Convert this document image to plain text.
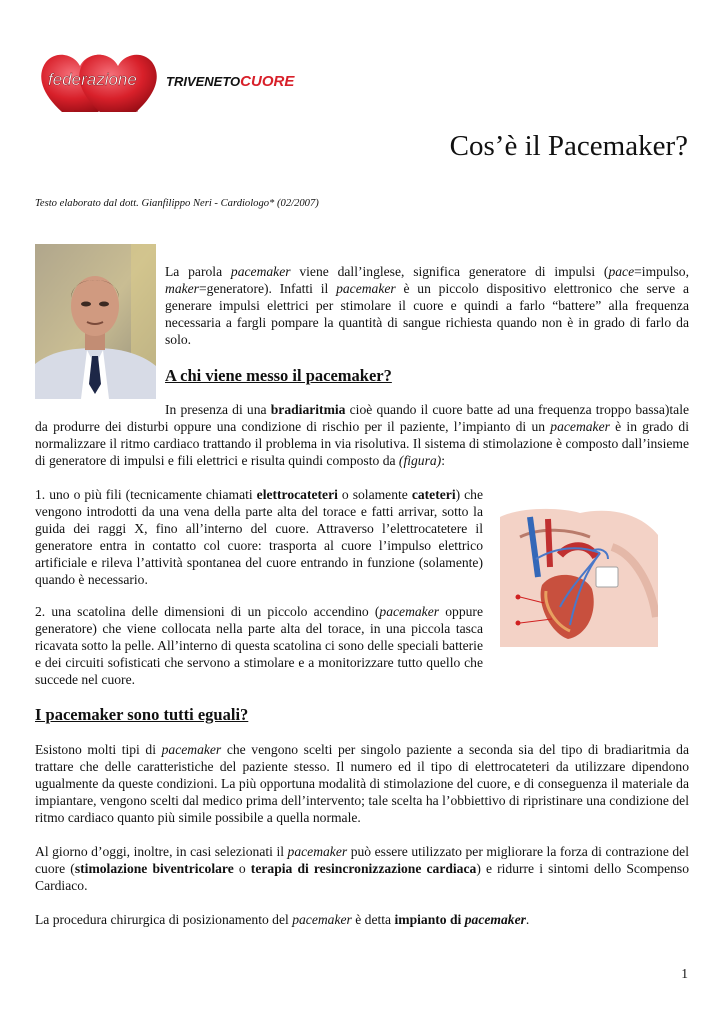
federazione TRIVENETOCUORE
Cos’è il Pacemaker?
Testo elaborato dal dott. Gianfilippo Neri - Cardiologo* (02/2007)

La parola pacemaker viene dall’inglese, significa generatore di impulsi (pace=impulso, maker=generatore). Infatti il pacemaker è un piccolo dispositivo elettronico che serve a generare impulsi elettrici per stimolare il cuore e quindi a farlo “battere” alla frequenza necessaria a fargli pompare la quantità di sangue richiesta quando non è in grado di farlo da solo.

A chi viene messo il pacemaker?

In presenza di una bradiaritmia cioè quando il cuore batte ad una frequenza troppo bassa)tale da produrre dei disturbi oppure una condizione di rischio per il paziente, l’impianto di un pacemaker è in grado di normalizzare il ritmo cardiaco trattando il problema in via risolutiva. Il sistema di stimolazione è composto dall’insieme di generatore di impulsi e fili elettrici e risulta quindi composto da (figura):

1. uno o più fili (tecnicamente chiamati elettrocateteri o solamente cateteri) che vengono introdotti da una vena della parte alta del torace e fatti arrivar, sotto la guida dei raggi X, fino all’interno del cuore. Attraverso l’elettrocatetere il generatore entra in contatto col cuore: trasporta al cuore l’impulso elettrico artificiale e rileva l’attività spontanea del cuore entrando in funzione (solamente) quando è necessario.

2. una scatolina delle dimensioni di un piccolo accendino (pacemaker oppure generatore) che viene collocata nella parte alta del torace, in una piccola tasca ricavata sotto la pelle. All’interno di questa scatolina ci sono delle speciali batterie e dei circuiti sofisticati che servono a stimolare e a monitorizzare tutto quello che succede nel cuore.

I pacemaker sono tutti eguali?

Esistono molti tipi di pacemaker che vengono scelti per singolo paziente a seconda sia del tipo di bradiaritmia da trattare che delle caratteristiche del paziente stesso. Il numero ed il tipo di elettrocateteri da utilizzare dipendono ugualmente da queste condizioni. La più opportuna modalità di stimolazione del cuore, e di conseguenza il materiale da impiantare, vengono scelti dal medico prima dell’intervento; tale scelta ha l’obbiettivo di ripristinare una condizione del ritmo cardiaco quanto più simile possibile a quella normale.

Al giorno d’oggi, inoltre, in casi selezionati il pacemaker può essere utilizzato per migliorare la forza di contrazione del cuore (stimolazione biventricolare o terapia di resincronizzazione cardiaca) e ridurre i sintomi dello Scompenso Cardiaco.

La procedura chirurgica di posizionamento del pacemaker è detta impianto di pacemaker.

1
